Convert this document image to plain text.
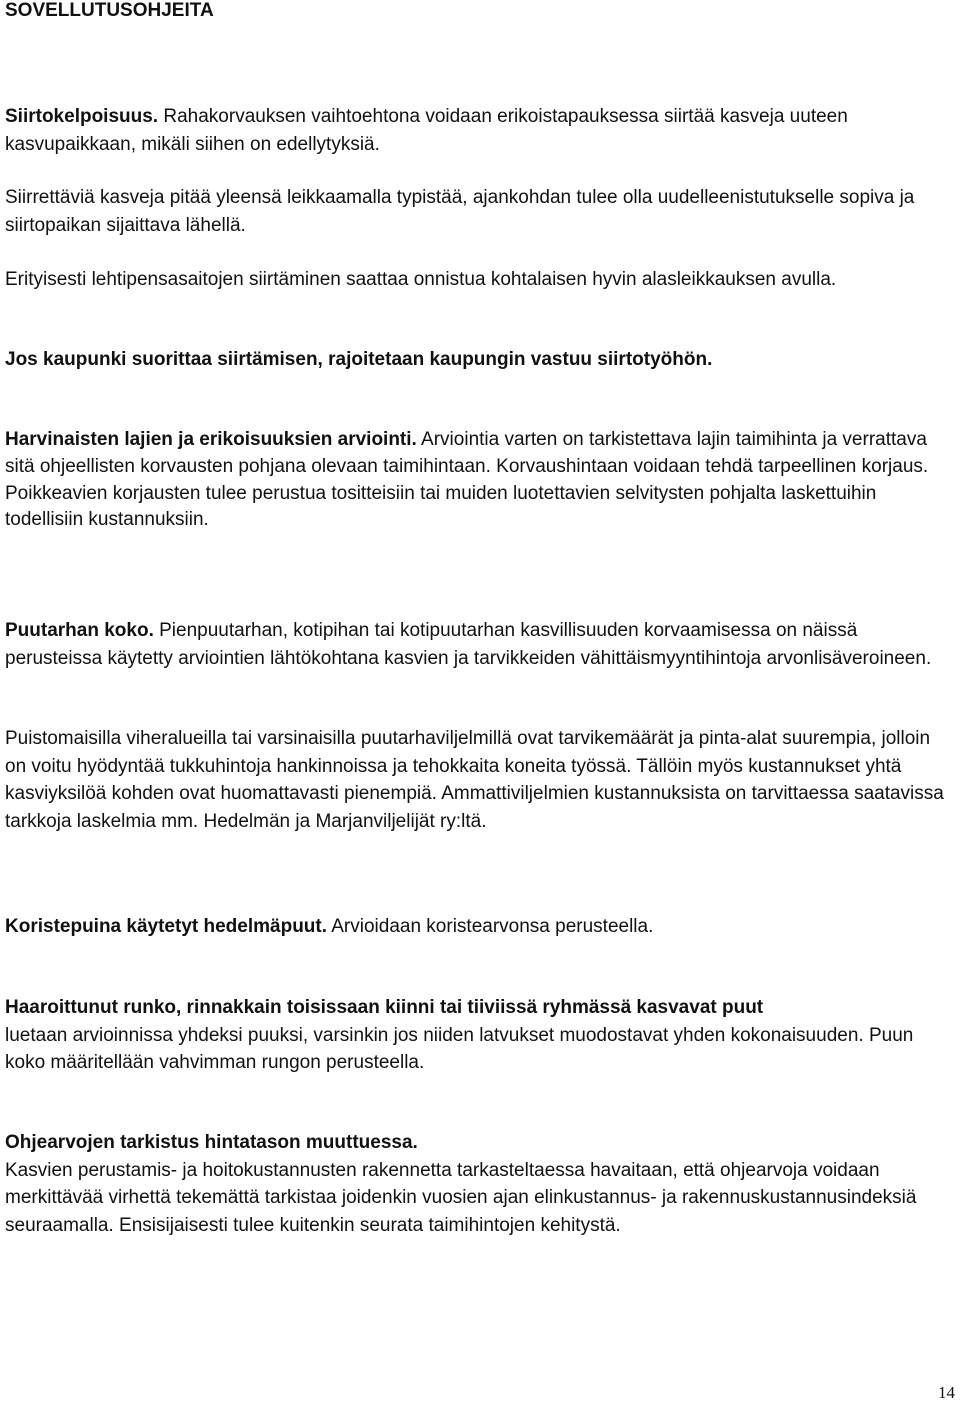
SOVELLUTUSOHJEITA

Siirtokelpoisuus. Rahakorvauksen vaihtoehtona voidaan erikoistapauksessa siirtää kasveja uuteen kasvupaikkaan, mikäli siihen on edellytyksiä.

Siirrettäviä kasveja pitää yleensä leikkaamalla typistää, ajankohdan tulee olla uudelleenistutukselle sopiva ja siirtopaikan sijaittava lähellä.

Erityisesti lehtipensasaitojen siirtäminen saattaa onnistua kohtalaisen hyvin alasleikkauksen avulla.

Jos kaupunki suorittaa siirtämisen, rajoitetaan kaupungin vastuu siirtotyöhön.

Harvinaisten lajien ja erikoisuuksien arviointi. Arviointia varten on tarkistettava lajin taimihinta ja verrattava sitä ohjeellisten korvausten pohjana olevaan taimihintaan. Korvaushintaan voidaan tehdä tarpeellinen korjaus.
Poikkeavien korjausten tulee perustua tositteisiin tai muiden luotettavien selvitysten pohjalta laskettuihin todellisiin kustannuksiin.

Puutarhan koko. Pienpuutarhan, kotipihan tai kotipuutarhan kasvillisuuden korvaamisessa on näissä perusteissa käytetty arviointien lähtökohtana kasvien ja tarvikkeiden vähittäismyyntihintoja arvonlisäveroineen.

Puistomaisilla viheralueilla tai varsinaisilla puutarhaviljelmillä ovat tarvikemäärät ja pinta-alat suurempia, jolloin on voitu hyödyntää tukkuhintoja hankinnoissa ja tehokkaita koneita työssä. Tällöin myös kustannukset yhtä kasviyksilöä kohden ovat huomattavasti pienempiä. Ammattiviljelmien kustannuksista on tarvittaessa saatavissa tarkkoja laskelmia mm. Hedelmän ja Marjanviljelijät ry:ltä.

Koristepuina käytetyt hedelmäpuut. Arvioidaan koristearvonsa perusteella.

Haaroittunut runko, rinnakkain toisissaan kiinni tai tiiviissä ryhmässä kasvavat puut
luetaan arvioinnissa yhdeksi puuksi, varsinkin jos niiden latvukset muodostavat yhden kokonaisuuden. Puun koko määritellään vahvimman rungon perusteella.

Ohjearvojen tarkistus hintatason muuttuessa.
Kasvien perustamis- ja hoitokustannusten rakennetta tarkasteltaessa havaitaan, että ohjearvoja voidaan merkittävää virhettä tekemättä tarkistaa joidenkin vuosien ajan elinkustannus- ja rakennuskustannusindeksiä seuraamalla. Ensisijaisesti tulee kuitenkin seurata taimihintojen kehitystä.

14
